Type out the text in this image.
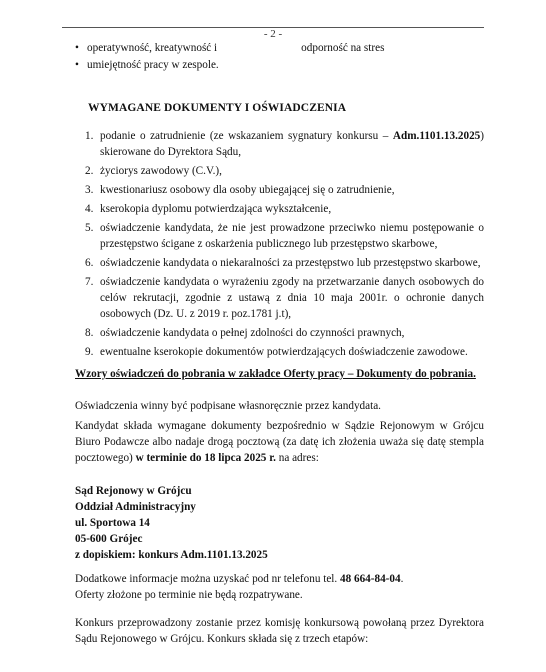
- 2 -
• operatywność, kreatywność i	odporność na stres
• umiejętność pracy w zespole.
WYMAGANE DOKUMENTY I OŚWIADCZENIA
1. podanie o zatrudnienie (ze wskazaniem sygnatury konkursu – Adm.1101.13.2025) skierowane do Dyrektora Sądu,
2. życiorys zawodowy (C.V.),
3. kwestionariusz osobowy dla osoby ubiegającej się o zatrudnienie,
4. kserokopia dyplomu potwierdzająca wykształcenie,
5. oświadczenie kandydata, że nie jest prowadzone przeciwko niemu postępowanie o przestępstwo ścigane z oskarżenia publicznego lub przestępstwo skarbowe,
6. oświadczenie kandydata o niekaralności za przestępstwo lub przestępstwo skarbowe,
7. oświadczenie kandydata o wyrażeniu zgody na przetwarzanie danych osobowych do celów rekrutacji, zgodnie z ustawą z dnia 10 maja 2001r. o ochronie danych osobowych (Dz. U. z 2019 r. poz.1781 j.t),
8. oświadczenie kandydata o pełnej zdolności do czynności prawnych,
9. ewentualne kserokopie dokumentów potwierdzających doświadczenie zawodowe.
Wzory oświadczeń do pobrania w zakładce Oferty pracy – Dokumenty do pobrania.
Oświadczenia winny być podpisane własnoręcznie przez kandydata.
Kandydat składa wymagane dokumenty bezpośrednio w Sądzie Rejonowym w Grójcu Biuro Podawcze albo nadaje drogą pocztową (za datę ich złożenia uważa się datę stempla pocztowego) w terminie do 18 lipca 2025 r. na adres:
Sąd Rejonowy w Grójcu
Oddział Administracyjny
ul. Sportowa 14
05-600 Grójec
z dopiskiem: konkurs Adm.1101.13.2025
Dodatkowe informacje można uzyskać pod nr telefonu tel. 48 664-84-04.
Oferty złożone po terminie nie będą rozpatrywane.
Konkurs przeprowadzony zostanie przez komisję konkursową powołaną przez Dyrektora Sądu Rejonowego w Grójcu. Konkurs składa się z trzech etapów:
